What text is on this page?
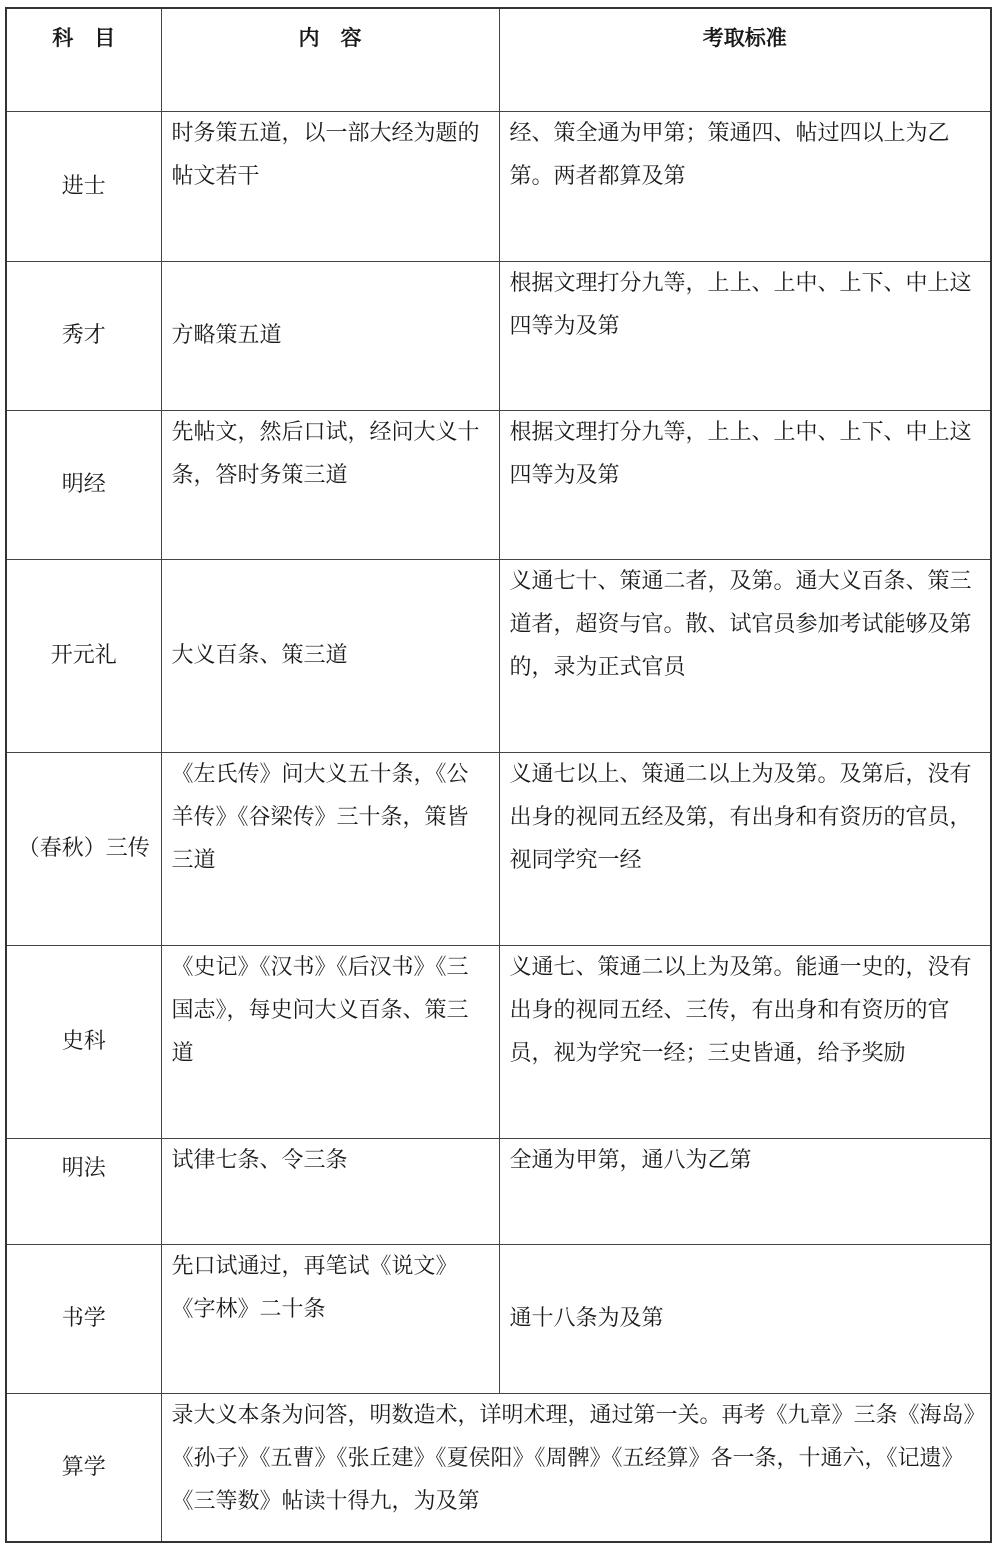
科　目	内　容	考取标准
进士	时务策五道，以一部大经为题的帖文若干	经、策全通为甲第；策通四、帖过四以上为乙第。两者都算及第
秀才	方略策五道	根据文理打分九等，上上、上中、上下、中上这四等为及第
明经	先帖文，然后口试，经问大义十条，答时务策三道	根据文理打分九等，上上、上中、上下、中上这四等为及第
开元礼	大义百条、策三道	义通七十、策通二者，及第。通大义百条、策三道者，超资与官。散、试官员参加考试能够及第的，录为正式官员
（春秋）三传	《左氏传》问大义五十条，《公羊传》《谷梁传》三十条，策皆三道	义通七以上、策通二以上为及第。及第后，没有出身的视同五经及第，有出身和有资历的官员，视同学究一经
史科	《史记》《汉书》《后汉书》《三国志》，每史问大义百条、策三道	义通七、策通二以上为及第。能通一史的，没有出身的视同五经、三传，有出身和有资历的官员，视为学究一经；三史皆通，给予奖励
明法	试律七条、令三条	全通为甲第，通八为乙第
书学	先口试通过，再笔试《说文》《字林》二十条	通十八条为及第
算学	录大义本条为问答，明数造术，详明术理，通过第一关。再考《九章》三条《海岛》《孙子》《五曹》《张丘建》《夏侯阳》《周髀》《五经算》各一条，十通六，《记遗》《三等数》帖读十得九，为及第	
